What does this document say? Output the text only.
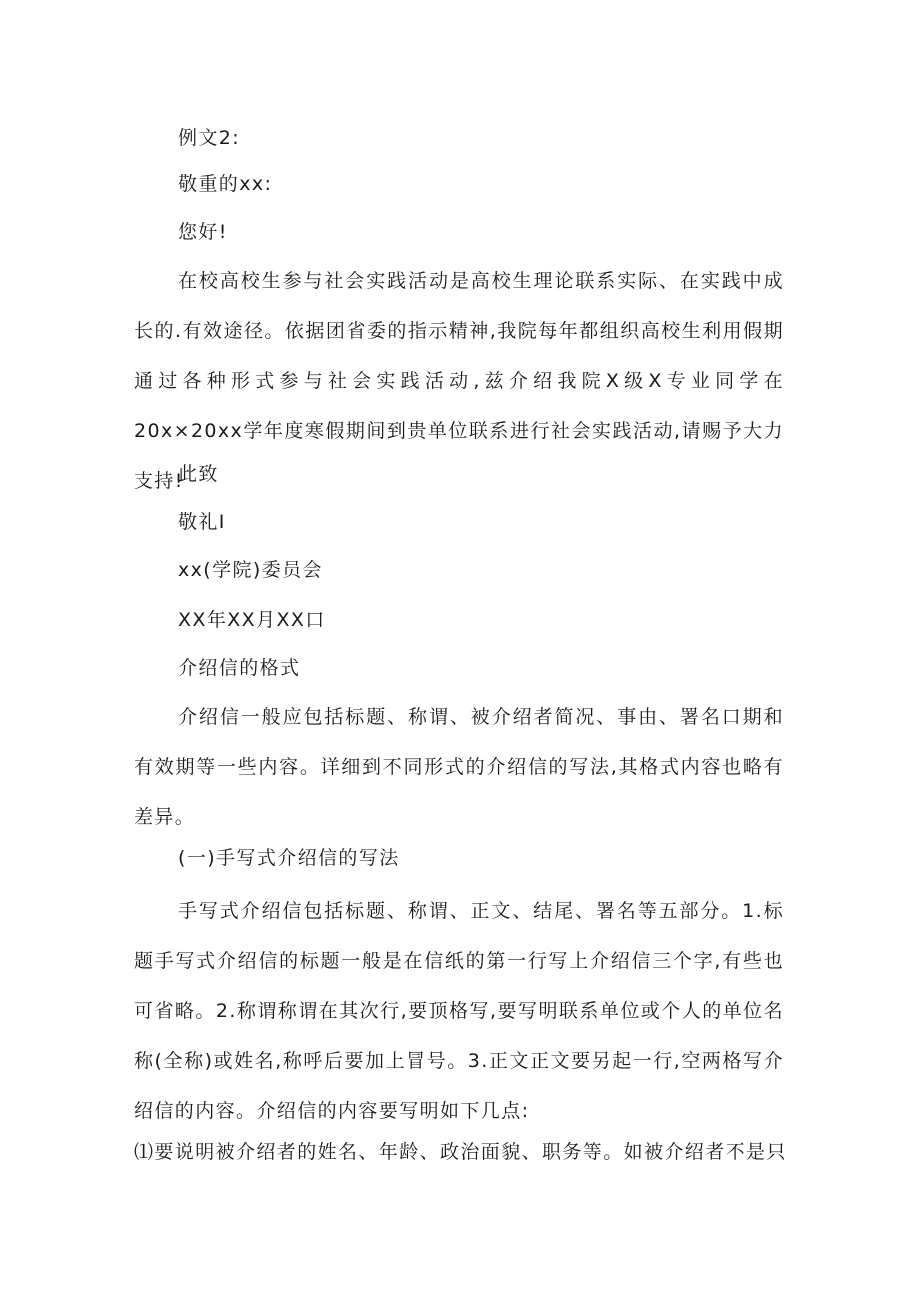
例文2:
敬重的xx:
您好!
在校高校生参与社会实践活动是高校生理论联系实际、在实践中成长的.有效途径。依据团省委的指示精神,我院每年都组织高校生利用假期通过各种形式参与社会实践活动,兹介绍我院X级X专业同学在20x×20xx学年度寒假期间到贵单位联系进行社会实践活动,请赐予大力支持!
此致
敬礼I
xx(学院)委员会
XX年XX月XX口
介绍信的格式
介绍信一般应包括标题、称谓、被介绍者简况、事由、署名口期和有效期等一些内容。详细到不同形式的介绍信的写法,其格式内容也略有差异。
(一)手写式介绍信的写法
手写式介绍信包括标题、称谓、正文、结尾、署名等五部分。1.标题手写式介绍信的标题一般是在信纸的第一行写上介绍信三个字,有些也可省略。2.称谓称谓在其次行,要顶格写,要写明联系单位或个人的单位名称(全称)或姓名,称呼后要加上冒号。3.正文正文要另起一行,空两格写介绍信的内容。介绍信的内容要写明如下几点:
⑴要说明被介绍者的姓名、年龄、政治面貌、职务等。如被介绍者不是只
